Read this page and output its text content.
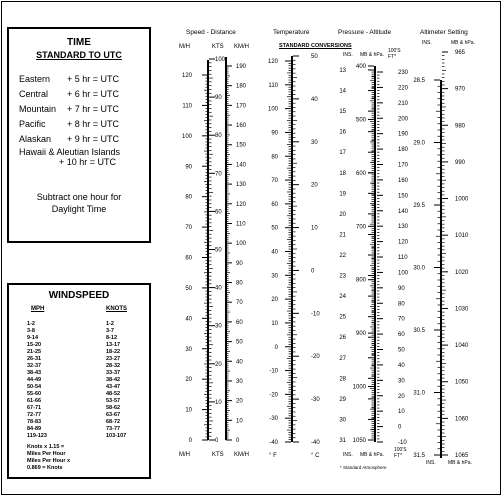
TIME
STANDARD TO UTC
Eastern + 5 hr = UTC
Central + 6 hr = UTC
Mountain + 7 hr = UTC
Pacific + 8 hr = UTC
Alaskan + 9 hr = UTC
Hawaii & Aleutian Islands
+ 10 hr = UTC
Subtract one hour for
Daylight Time
WINDSPEED
MPH	KNOTS
1-2	1-2
3-8	3-7
9-14	8-12
15-20	13-17
21-25	18-22
26-31	23-27
32-37	28-32
38-43	33-37
44-49	38-42
50-54	43-47
55-60	48-52
61-66	53-57
67-71	58-62
72-77	63-67
78-83	68-72
84-89	73-77
119-123	103-107
Knots x 1.15 =
Miles Per Hour
Miles Per Hour x
0.869 = Knots
Speed - Distance	Temperature	Pressure - Altitude	Altimeter Setting
M/H	KTS KM/H	STANDARD CONVERSIONS
INS. MB & hPa.
100'S FT*
INS.	MB & hPa.
M/H	KTS KM/H	° F	° C	INS. MB & hPa.
100'S FT*
* Standard Atmosphere
INS. MB & hPa.
120
110
100
90
80
70
60
50
40
30
20
10
0
100
90
80
70
60
50
40
30
20
10
0
190
180
170
160
150
140
130
120
110
100
90
80
70
60
50
40
30
20
10
0
120
110
100
90
80
70
60
50
40
30
20
10
0
-10
-20
-30
-40
50
40
30
20
10
0
-10
-20
-30
-40
13
14
15
16
17
18
19
20
21
22
23
24
25
26
27
28
29
30
31
400
500
600
700
800
900
1000
1050
230
220
210
200
190
180
170
160
150
140
130
120
110
100
90
80
70
60
50
40
30
20
10
0
-10
28.5
29.0
29.5
30.0
30.5
31.0
31.5
965
970
980
990
1000
1010
1020
1030
1040
1050
1060
1065
